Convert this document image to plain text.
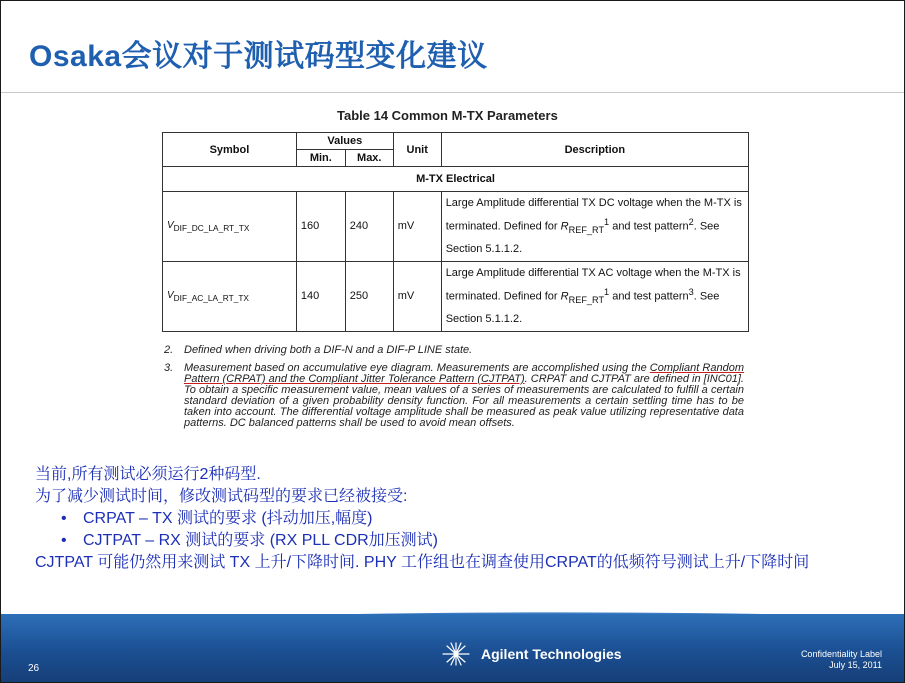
Osaka会议对于测试码型变化建议
Table 14 Common M-TX Parameters
Symbol	Values		Unit	Description
	Min.	Max.		
M-TX Electrical				
$V_{DIF\_DC\_LA\_RT\_TX}$	160	240	mV	Large Amplitude differential TX DC voltage when the M-TX is terminated. Defined for $R_{REF\_RT}^1$ and test pattern$^2$. See Section 5.1.1.2.
$V_{DIF\_AC\_LA\_RT\_TX}$	140	250	mV	Large Amplitude differential TX AC voltage when the M-TX is terminated. Defined for $R_{REF\_RT}^1$ and test pattern$^3$. See Section 5.1.1.2.
2. Defined when driving both a DIF-N and a DIF-P LINE state.
3. Measurement based on accumulative eye diagram. Measurements are accomplished using the Compliant Random Pattern (CRPAT) and the Compliant Jitter Tolerance Pattern (CJTPAT). CRPAT and CJTPAT are defined in [INC01]. To obtain a specific measurement value, mean values of a series of measurements are calculated to fulfill a certain standard deviation of a given probability density function. For all measurements a certain settling time has to be taken into account. The differential voltage amplitude shall be measured as peak value utilizing representative data patterns. DC balanced patterns shall be used to avoid mean offsets.

当前,所有测试必须运行2种码型.

为了减少测试时间，修改测试码型的要求已经被接受:

• CRPAT – TX 测试的要求 (抖动加压,幅度)

• CJTPAT – RX 测试的要求 (RX PLL CDR加压测试)

CJTPAT 可能仍然用来测试 TX 上升/下降时间. PHY 工作组也在调查使用CRPAT的低频符号测试上升/下降时间

26
Agilent Technologies	Confidentiality Label
July 15, 2011
